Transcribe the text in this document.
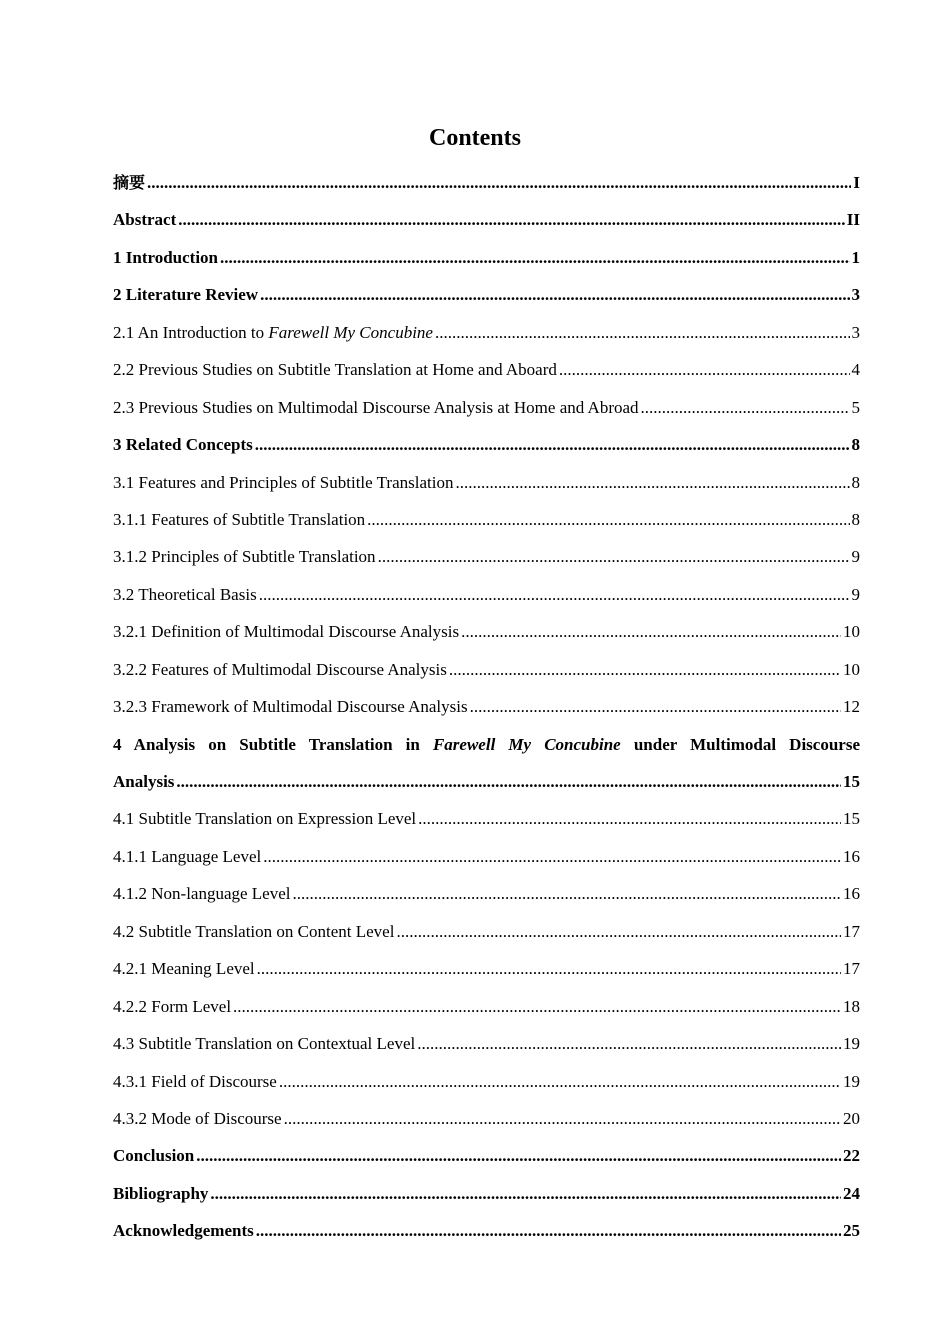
Contents
摘要 .....	I
Abstract .....	II
1 Introduction .....	1
2 Literature Review .....	3
2.1 An Introduction to Farewell My Concubine .....	3
2.2 Previous Studies on Subtitle Translation at Home and Aboard .....	4
2.3 Previous Studies on Multimodal Discourse Analysis at Home and Abroad .....	5
3 Related Concepts .....	8
3.1 Features and Principles of Subtitle Translation .....	8
3.1.1 Features of Subtitle Translation .....	8
3.1.2 Principles of Subtitle Translation .....	9
3.2 Theoretical Basis .....	9
3.2.1 Definition of Multimodal Discourse Analysis .....	10
3.2.2 Features of Multimodal Discourse Analysis .....	10
3.2.3 Framework of Multimodal Discourse Analysis .....	12
4 Analysis on Subtitle Translation in Farewell My Concubine under Multimodal Discourse
Analysis .....	15
4.1 Subtitle Translation on Expression Level .....	15
4.1.1 Language Level .....	16
4.1.2 Non-language Level .....	16
4.2 Subtitle Translation on Content Level .....	17
4.2.1 Meaning Level .....	17
4.2.2 Form Level .....	18
4.3 Subtitle Translation on Contextual Level .....	19
4.3.1 Field of Discourse .....	19
4.3.2 Mode of Discourse .....	20
Conclusion .....	22
Bibliography .....	24
Acknowledgements .....	25
